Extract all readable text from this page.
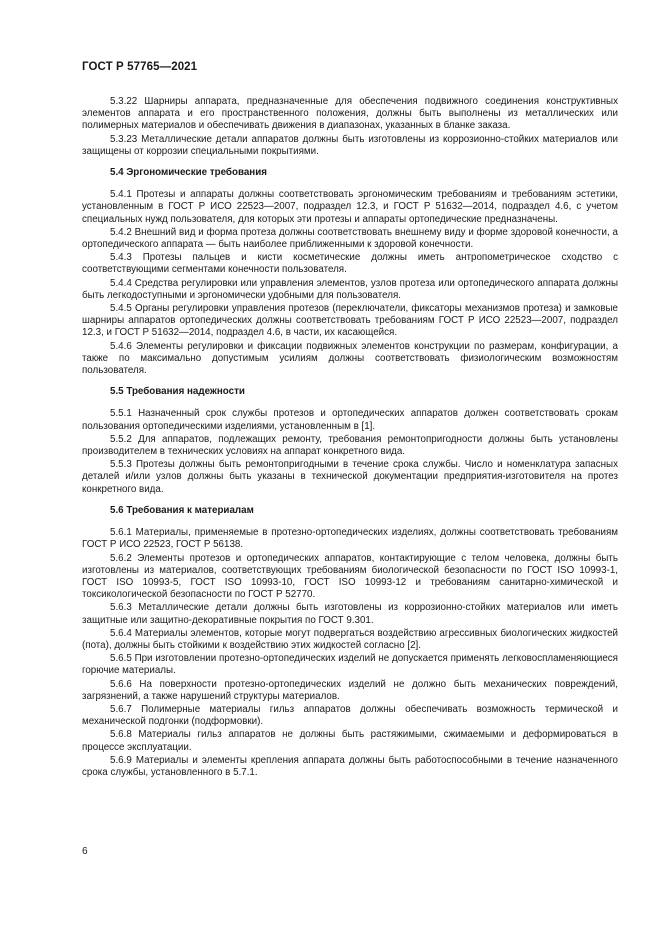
ГОСТ Р 57765—2021

5.3.22 Шарниры аппарата, предназначенные для обеспечения подвижного соединения конструктивных элементов аппарата и его пространственного положения, должны быть выполнены из металлических или полимерных материалов и обеспечивать движения в диапазонах, указанных в бланке заказа.

5.3.23 Металлические детали аппаратов должны быть изготовлены из коррозионно-стойких материалов или защищены от коррозии специальными покрытиями.

5.4 Эргономические требования

5.4.1 Протезы и аппараты должны соответствовать эргономическим требованиям и требованиям эстетики, установленным в ГОСТ Р ИСО 22523—2007, подраздел 12.3, и ГОСТ Р 51632—2014, подраздел 4.6, с учетом специальных нужд пользователя, для которых эти протезы и аппараты ортопедические предназначены.

5.4.2 Внешний вид и форма протеза должны соответствовать внешнему виду и форме здоровой конечности, а ортопедического аппарата — быть наиболее приближенными к здоровой конечности.

5.4.3 Протезы пальцев и кисти косметические должны иметь антропометрическое сходство с соответствующими сегментами конечности пользователя.

5.4.4 Средства регулировки или управления элементов, узлов протеза или ортопедического аппарата должны быть легкодоступными и эргономически удобными для пользователя.

5.4.5 Органы регулировки управления протезов (переключатели, фиксаторы механизмов протеза) и замковые шарниры аппаратов ортопедических должны соответствовать требованиям ГОСТ Р ИСО 22523—2007, подраздел 12.3, и ГОСТ Р 51632—2014, подраздел 4.6, в части, их касающейся.

5.4.6 Элементы регулировки и фиксации подвижных элементов конструкции по размерам, конфигурации, а также по максимально допустимым усилиям должны соответствовать физиологическим возможностям пользователя.

5.5 Требования надежности

5.5.1 Назначенный срок службы протезов и ортопедических аппаратов должен соответствовать срокам пользования ортопедическими изделиями, установленным в [1].

5.5.2 Для аппаратов, подлежащих ремонту, требования ремонтопригодности должны быть установлены производителем в технических условиях на аппарат конкретного вида.

5.5.3 Протезы должны быть ремонтопригодными в течение срока службы. Число и номенклатура запасных деталей и/или узлов должны быть указаны в технической документации предприятия-изготовителя на протез конкретного вида.

5.6 Требования к материалам

5.6.1 Материалы, применяемые в протезно-ортопедических изделиях, должны соответствовать требованиям ГОСТ Р ИСО 22523, ГОСТ Р 56138.

5.6.2 Элементы протезов и ортопедических аппаратов, контактирующие с телом человека, должны быть изготовлены из материалов, соответствующих требованиям биологической безопасности по ГОСТ ISO 10993-1, ГОСТ ISO 10993-5, ГОСТ ISO 10993-10, ГОСТ ISO 10993-12 и требованиям санитарно-химической и токсикологической безопасности по ГОСТ Р 52770.

5.6.3 Металлические детали должны быть изготовлены из коррозионно-стойких материалов или иметь защитные или защитно-декоративные покрытия по ГОСТ 9.301.

5.6.4 Материалы элементов, которые могут подвергаться воздействию агрессивных биологических жидкостей (пота), должны быть стойкими к воздействию этих жидкостей согласно [2].

5.6.5 При изготовлении протезно-ортопедических изделий не допускается применять легковоспламеняющиеся горючие материалы.

5.6.6 На поверхности протезно-ортопедических изделий не должно быть механических повреждений, загрязнений, а также нарушений структуры материалов.

5.6.7 Полимерные материалы гильз аппаратов должны обеспечивать возможность термической и механической подгонки (подформовки).

5.6.8 Материалы гильз аппаратов не должны быть растяжимыми, сжимаемыми и деформироваться в процессе эксплуатации.

5.6.9 Материалы и элементы крепления аппарата должны быть работоспособными в течение назначенного срока службы, установленного в 5.7.1.

6
